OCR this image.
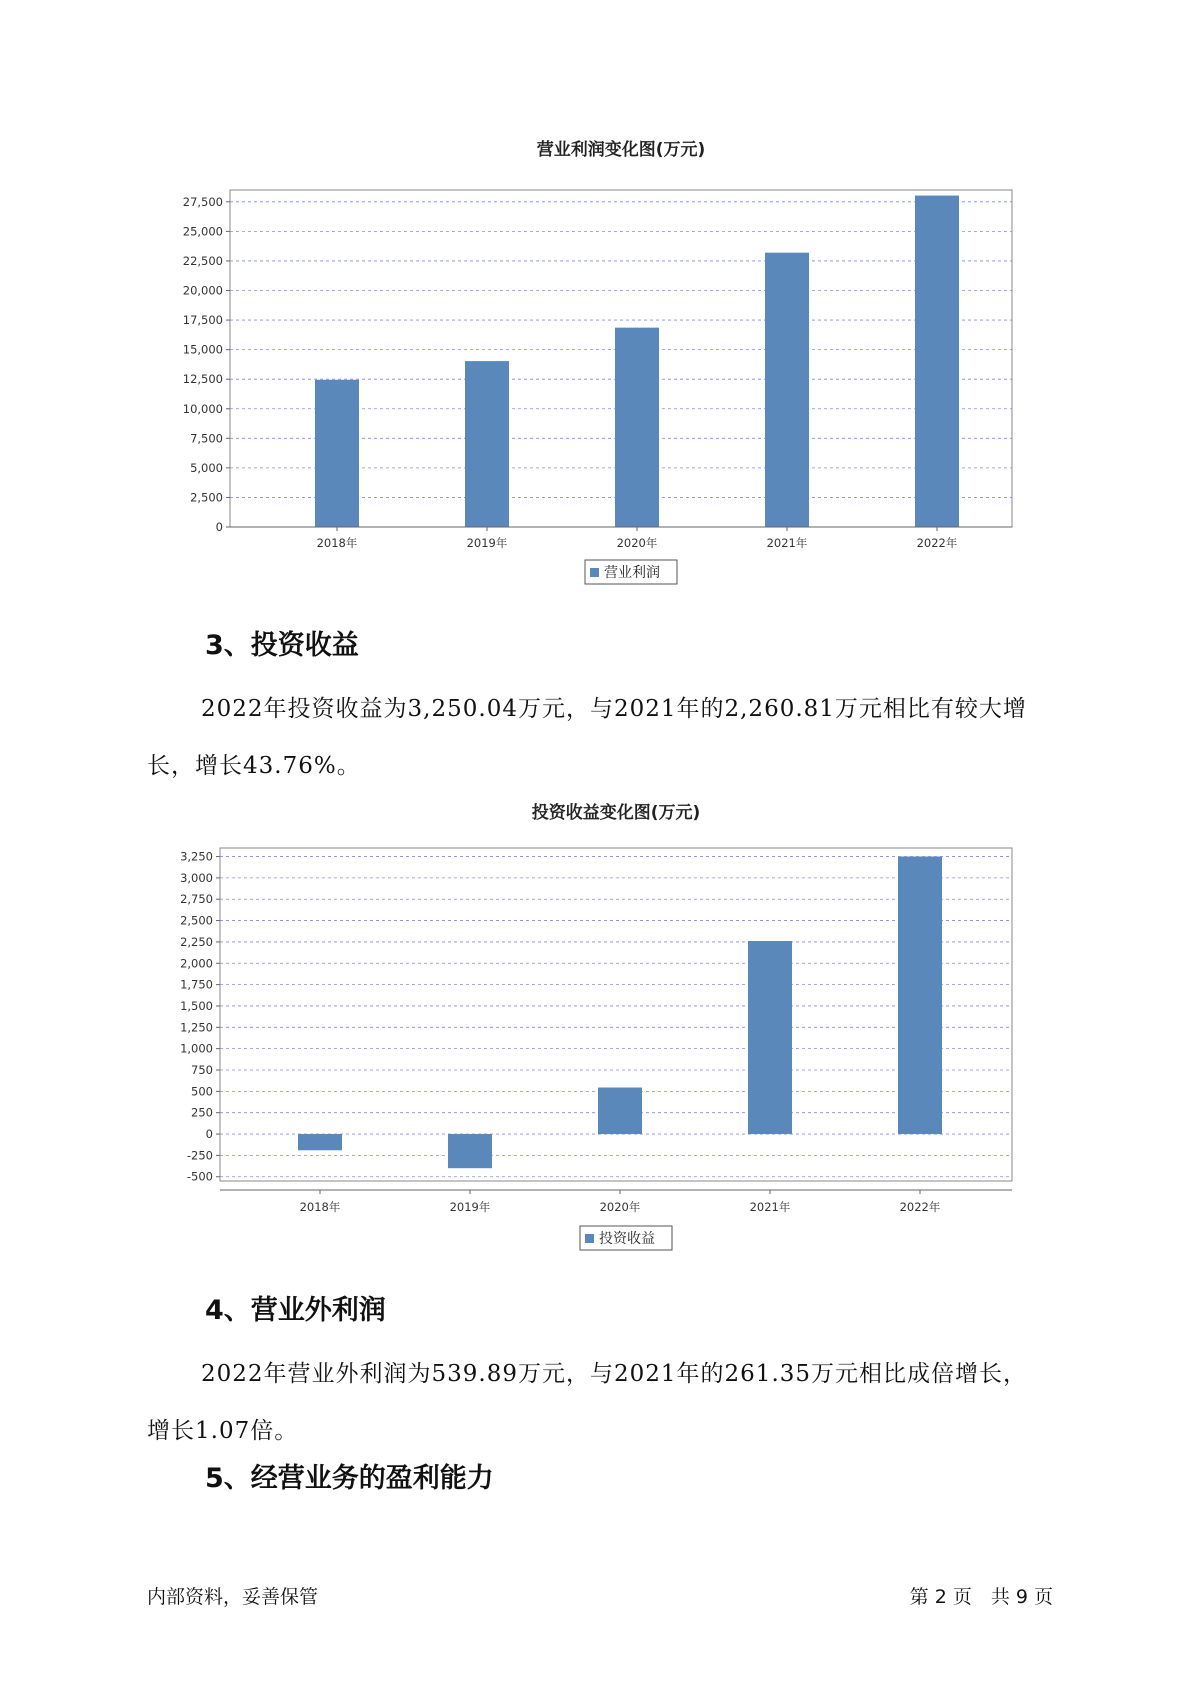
营业利润变化图(万元)
0
2,500
5,000
7,500
10,000
12,500
15,000
17,500
20,000
22,500
25,000
27,500
2018年	2019年	2020年	2021年	2022年
营业利润
3、投资收益

2022年投资收益为3,250.04万元，与2021年的2,260.81万元相比有较大增长，增长43.76%。

投资收益变化图(万元)
-500
-250
0
250
500
750
1,000
1,250
1,500
1,750
2,000
2,250
2,500
2,750
3,000
3,250
2018年	2019年	2020年	2021年	2022年
投资收益
4、营业外利润

2022年营业外利润为539.89万元，与2021年的261.35万元相比成倍增长，增长1.07倍。

5、经营业务的盈利能力
内部资料，妥善保管	第 2 页　共 9 页
